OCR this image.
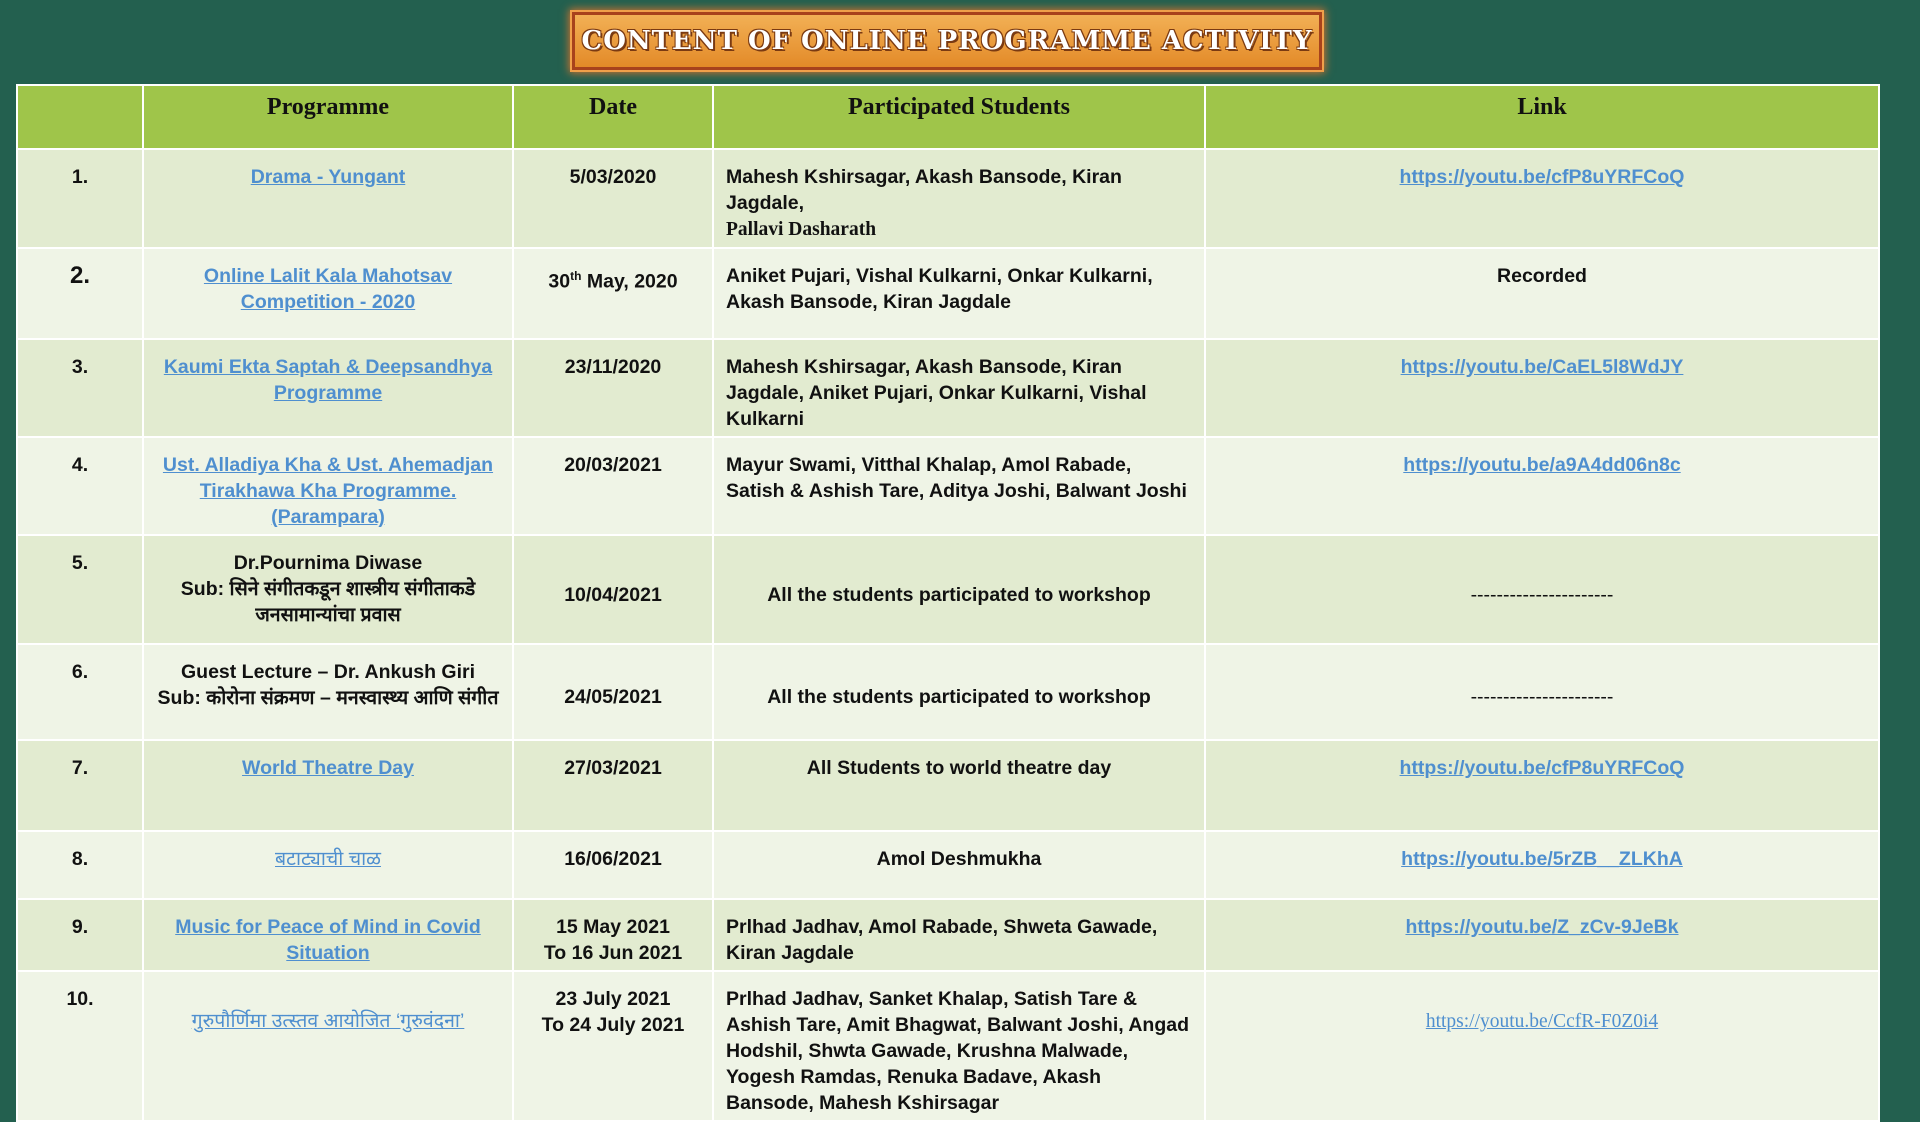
CONTENT OF ONLINE PROGRAMME ACTIVITY
	Programme	Date	Participated Students	Link
1.	Drama - Yungant	5/03/2020	Mahesh Kshirsagar, Akash Bansode, Kiran Jagdale,
Pallavi Dasharath	https://youtu.be/cfP8uYRFCoQ
2.	Online Lalit Kala Mahotsav Competition - 2020	30th May, 2020	Aniket Pujari, Vishal Kulkarni, Onkar Kulkarni, Akash Bansode, Kiran Jagdale	Recorded
3.	Kaumi Ekta Saptah & Deepsandhya Programme	23/11/2020	Mahesh Kshirsagar, Akash Bansode, Kiran Jagdale, Aniket Pujari, Onkar Kulkarni, Vishal Kulkarni	https://youtu.be/CaEL5l8WdJY
4.	Ust. Alladiya Kha & Ust. Ahemadjan Tirakhawa Kha Programme. (Parampara)	20/03/2021	Mayur Swami, Vitthal Khalap, Amol Rabade, Satish & Ashish Tare, Aditya Joshi, Balwant Joshi	https://youtu.be/a9A4dd06n8c
5.	Dr.Pournima Diwase
Sub: सिने संगीतकडून शास्त्रीय संगीताकडे जनसामान्यांचा प्रवास	10/04/2021	All the students participated to workshop	----------------------
6.	Guest Lecture – Dr. Ankush Giri
Sub: कोरोना संक्रमण – मनस्वास्थ्य आणि संगीत	24/05/2021	All the students participated to workshop	----------------------
7.	World Theatre Day	27/03/2021	All Students to world theatre day	https://youtu.be/cfP8uYRFCoQ
8.	बटाट्याची चाळ	16/06/2021	Amol Deshmukha	https://youtu.be/5rZB__ZLKhA
9.	Music for Peace of Mind in Covid Situation	15 May 2021
To 16 Jun 2021	Prlhad Jadhav, Amol Rabade, Shweta Gawade, Kiran Jagdale	https://youtu.be/Z_zCv-9JeBk
10.	गुरुपौर्णिमा उत्स्तव आयोजित ‘गुरुवंदना’	23 July 2021
To 24 July 2021	Prlhad Jadhav, Sanket Khalap, Satish Tare & Ashish Tare, Amit Bhagwat, Balwant Joshi, Angad Hodshil, Shwta Gawade, Krushna Malwade, Yogesh Ramdas, Renuka Badave, Akash Bansode, Mahesh Kshirsagar	https://youtu.be/CcfR-F0Z0i4
